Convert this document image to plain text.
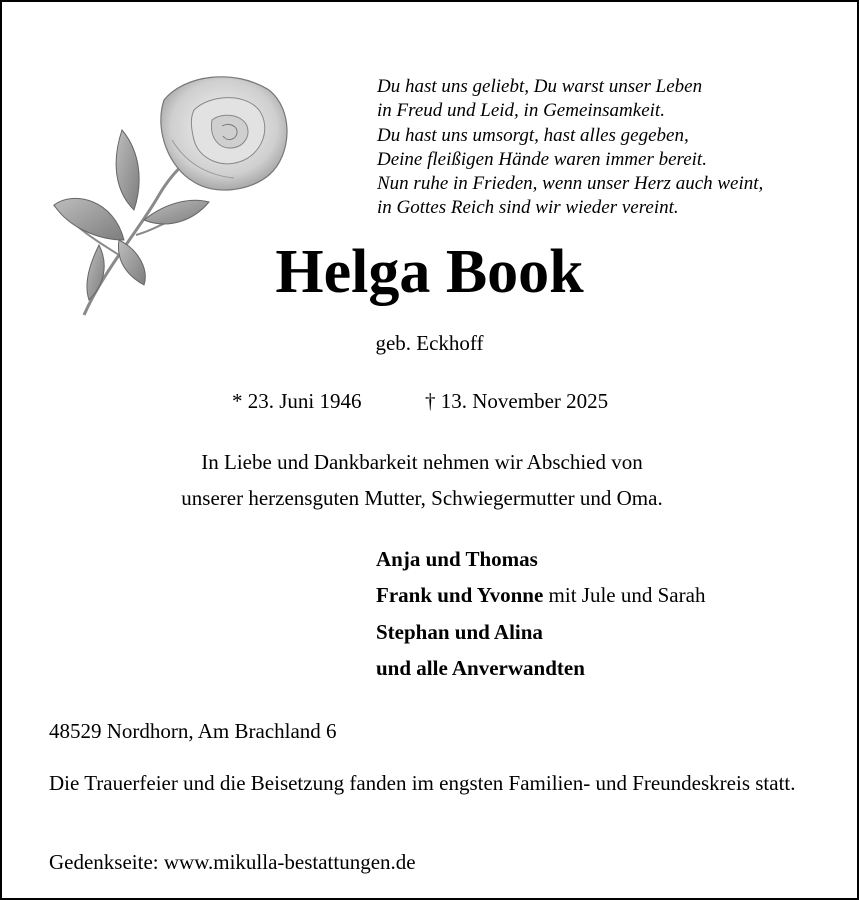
Du hast uns geliebt, Du warst unser Leben
in Freud und Leid, in Gemeinsamkeit.
Du hast uns umsorgt, hast alles gegeben,
Deine fleißigen Hände waren immer bereit.
Nun ruhe in Frieden, wenn unser Herz auch weint,
in Gottes Reich sind wir wieder vereint.
Helga Book
geb. Eckhoff
* 23. Juni 1946	† 13. November 2025
In Liebe und Dankbarkeit nehmen wir Abschied von
unserer herzensguten Mutter, Schwiegermutter und Oma.
Anja und Thomas
Frank und Yvonne mit Jule und Sarah
Stephan und Alina
und alle Anverwandten
48529 Nordhorn, Am Brachland 6
Die Trauerfeier und die Beisetzung fanden im engsten Familien- und Freundeskreis statt.
Gedenkseite: www.mikulla-bestattungen.de
